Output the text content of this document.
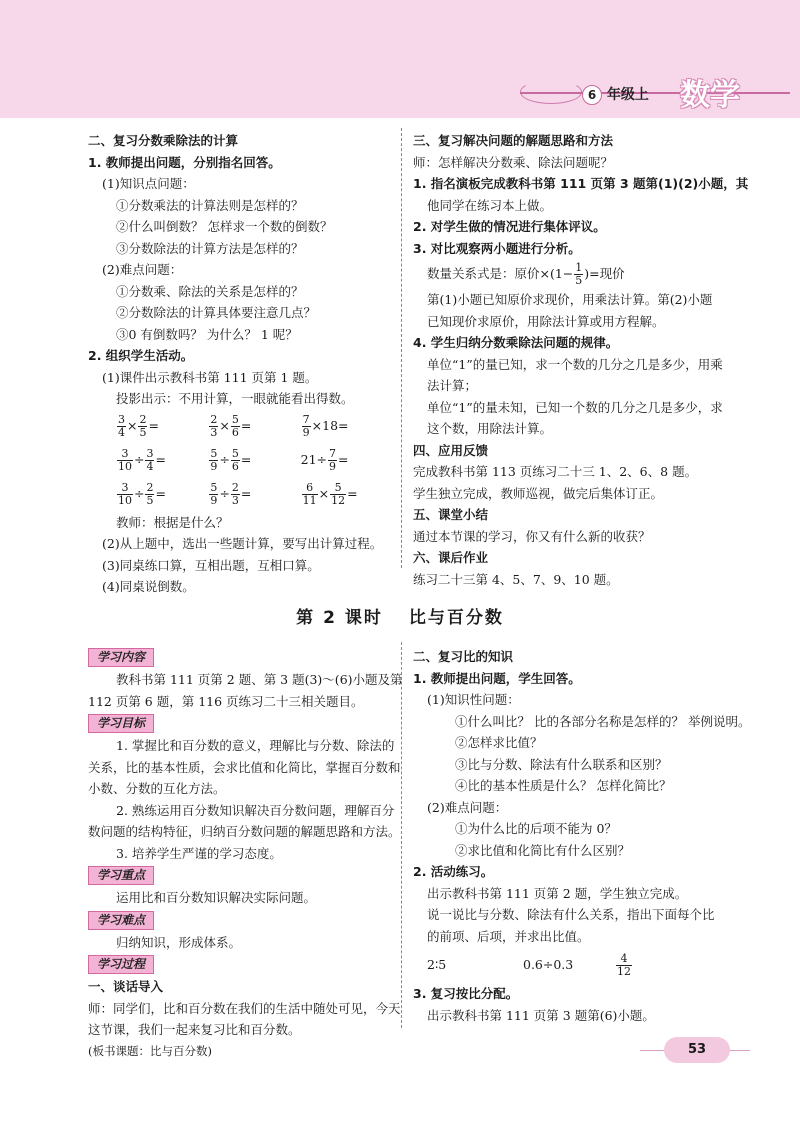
6 年级上 数学

二、复习分数乘除法的计算

1. 教师提出问题，分别指名回答。

(1)知识点问题：

①分数乘法的计算法则是怎样的？

②什么叫倒数？ 怎样求一个数的倒数？

③分数除法的计算方法是怎样的？

(2)难点问题：

①分数乘、除法的关系是怎样的？

②分数除法的计算具体要注意几点？

③0 有倒数吗？ 为什么？ 1 呢？

2. 组织学生活动。

(1)课件出示教科书第 111 页第 1 题。

投影出示：不用计算，一眼就能看出得数。

$\frac{3}{4} \times \frac{2}{5}$ =	$\frac{2}{3} \times \frac{5}{6}$ =	$\frac{7}{9} \times 18=$
$\frac{3}{10} \div \frac{3}{4}$ =	$\frac{5}{9} \div \frac{5}{6}$ =	$21\div \frac{7}{9}$ =
$\frac{3}{10} \div \frac{2}{5}$ =	$\frac{5}{9} \div \frac{2}{3}$ =	$\frac{6}{11} \times \frac{5}{12}$ =

教师：根据是什么？

(2)从上题中，选出一些题计算，要写出计算过程。

(3)同桌练口算，互相出题，互相口算。

(4)同桌说倒数。

三、复习解决问题的解题思路和方法

师：怎样解决分数乘、除法问题呢？

1. 指名演板完成教科书第 111 页第 3 题第(1)(2)小题，其

他同学在练习本上做。

2. 对学生做的情况进行集体评议。

3. 对比观察两小题进行分析。

数量关系式是：原价$\times(1- \frac{1}{5}$ )=现价

第(1)小题已知原价求现价，用乘法计算。第(2)小题

已知现价求原价，用除法计算或用方程解。

4. 学生归纳分数乘除法问题的规律。

单位“1”的量已知，求一个数的几分之几是多少，用乘

法计算；

单位“1”的量未知，已知一个数的几分之几是多少，求

这个数，用除法计算。

四、应用反馈

完成教科书第 113 页练习二十三 1、2、6、8 题。

学生独立完成，教师巡视，做完后集体订正。

五、课堂小结

通过本节课的学习，你又有什么新的收获？

六、课后作业

练习二十三第 4、5、7、9、10 题。

第 2 课时 比与百分数
学习内容

教科书第 111 页第 2 题、第 3 题(3)～(6)小题及第

112 页第 6 题，第 116 页练习二十三相关题目。

学习目标

1. 掌握比和百分数的意义，理解比与分数、除法的

关系，比的基本性质，会求比值和化简比，掌握百分数和

小数、分数的互化方法。

2. 熟练运用百分数知识解决百分数问题，理解百分

数问题的结构特征，归纳百分数问题的解题思路和方法。

3. 培养学生严谨的学习态度。

学习重点

运用比和百分数知识解决实际问题。

学习难点

归纳知识，形成体系。

学习过程

一、谈话导入

师：同学们，比和百分数在我们的生活中随处可见，今天

这节课，我们一起来复习比和百分数。

(板书课题：比与百分数)

二、复习比的知识

1. 教师提出问题，学生回答。

(1)知识性问题：

①什么叫比？ 比的各部分名称是怎样的？ 举例说明。

②怎样求比值？

③比与分数、除法有什么联系和区别？

④比的基本性质是什么？ 怎样化简比？

(2)难点问题：

①为什么比的后项不能为 0？

②求比值和化简比有什么区别？

2. 活动练习。

出示教科书第 111 页第 2 题，学生独立完成。

说一说比与分数、除法有什么关系，指出下面每个比

的前项、后项，并求出比值。

2∶5	0.6÷0.3	$\frac{4}{12}$

3. 复习按比分配。

出示教科书第 111 页第 3 题第(6)小题。

53
